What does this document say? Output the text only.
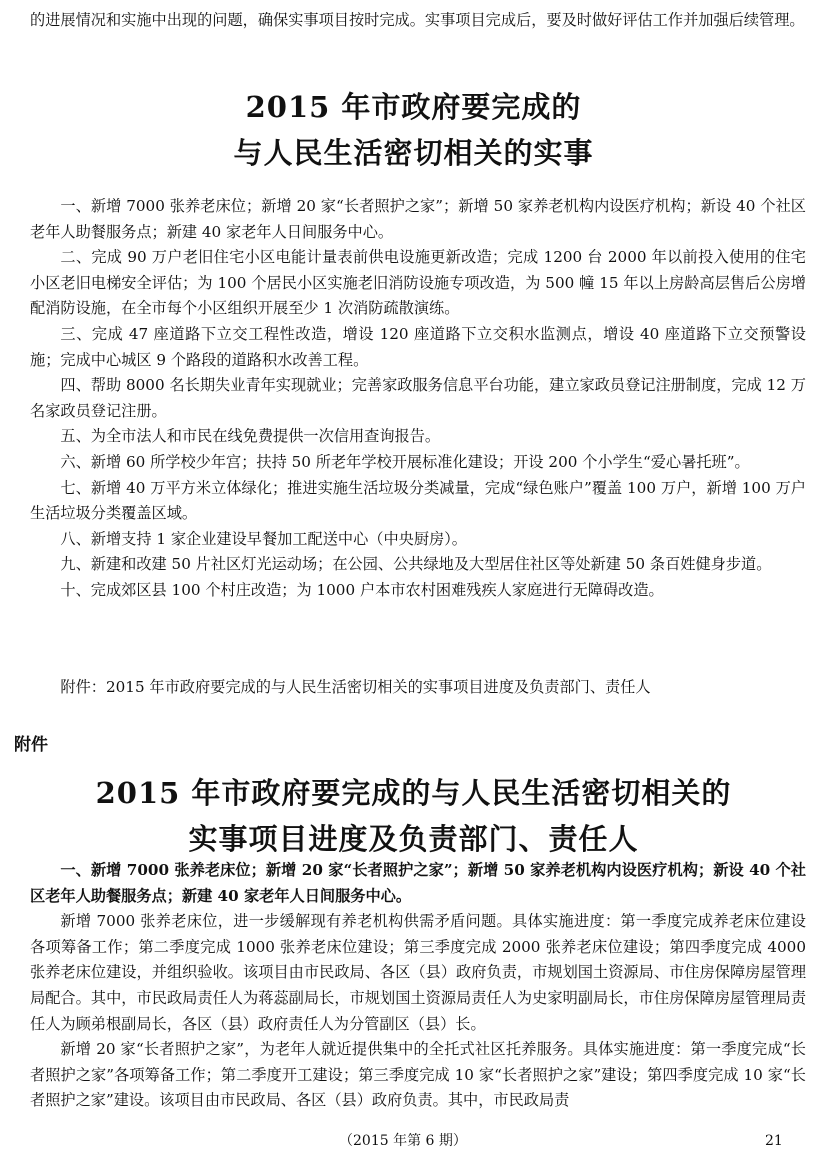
的进展情况和实施中出现的问题，确保实事项目按时完成。实事项目完成后，要及时做好评估工作并加强后续管理。

2015 年市政府要完成的
与人民生活密切相关的实事

一、新增 7000 张养老床位；新增 20 家“长者照护之家”；新增 50 家养老机构内设医疗机构；新设 40 个社区老年人助餐服务点；新建 40 家老年人日间服务中心。

二、完成 90 万户老旧住宅小区电能计量表前供电设施更新改造；完成 1200 台 2000 年以前投入使用的住宅小区老旧电梯安全评估；为 100 个居民小区实施老旧消防设施专项改造，为 500 幢 15 年以上房龄高层售后公房增配消防设施，在全市每个小区组织开展至少 1 次消防疏散演练。

三、完成 47 座道路下立交工程性改造，增设 120 座道路下立交积水监测点，增设 40 座道路下立交预警设施；完成中心城区 9 个路段的道路积水改善工程。

四、帮助 8000 名长期失业青年实现就业；完善家政服务信息平台功能，建立家政员登记注册制度，完成 12 万名家政员登记注册。

五、为全市法人和市民在线免费提供一次信用查询报告。

六、新增 60 所学校少年宫；扶持 50 所老年学校开展标准化建设；开设 200 个小学生“爱心暑托班”。

七、新增 40 万平方米立体绿化；推进实施生活垃圾分类减量，完成“绿色账户”覆盖 100 万户，新增 100 万户生活垃圾分类覆盖区域。

八、新增支持 1 家企业建设早餐加工配送中心（中央厨房）。

九、新建和改建 50 片社区灯光运动场；在公园、公共绿地及大型居住社区等处新建 50 条百姓健身步道。

十、完成郊区县 100 个村庄改造；为 1000 户本市农村困难残疾人家庭进行无障碍改造。

附件：2015 年市政府要完成的与人民生活密切相关的实事项目进度及负责部门、责任人
附件
2015 年市政府要完成的与人民生活密切相关的
实事项目进度及负责部门、责任人

一、新增 7000 张养老床位；新增 20 家“长者照护之家”；新增 50 家养老机构内设医疗机构；新设 40 个社区老年人助餐服务点；新建 40 家老年人日间服务中心。

新增 7000 张养老床位，进一步缓解现有养老机构供需矛盾问题。具体实施进度：第一季度完成养老床位建设各项筹备工作；第二季度完成 1000 张养老床位建设；第三季度完成 2000 张养老床位建设；第四季度完成 4000 张养老床位建设，并组织验收。该项目由市民政局、各区（县）政府负责，市规划国土资源局、市住房保障房屋管理局配合。其中，市民政局责任人为蒋蕊副局长，市规划国土资源局责任人为史家明副局长，市住房保障房屋管理局责任人为顾弟根副局长，各区（县）政府责任人为分管副区（县）长。

新增 20 家“长者照护之家”，为老年人就近提供集中的全托式社区托养服务。具体实施进度：第一季度完成“长者照护之家”各项筹备工作；第二季度开工建设；第三季度完成 10 家“长者照护之家”建设；第四季度完成 10 家“长者照护之家”建设。该项目由市民政局、各区（县）政府负责。其中，市民政局责

（2015 年第 6 期）	21
